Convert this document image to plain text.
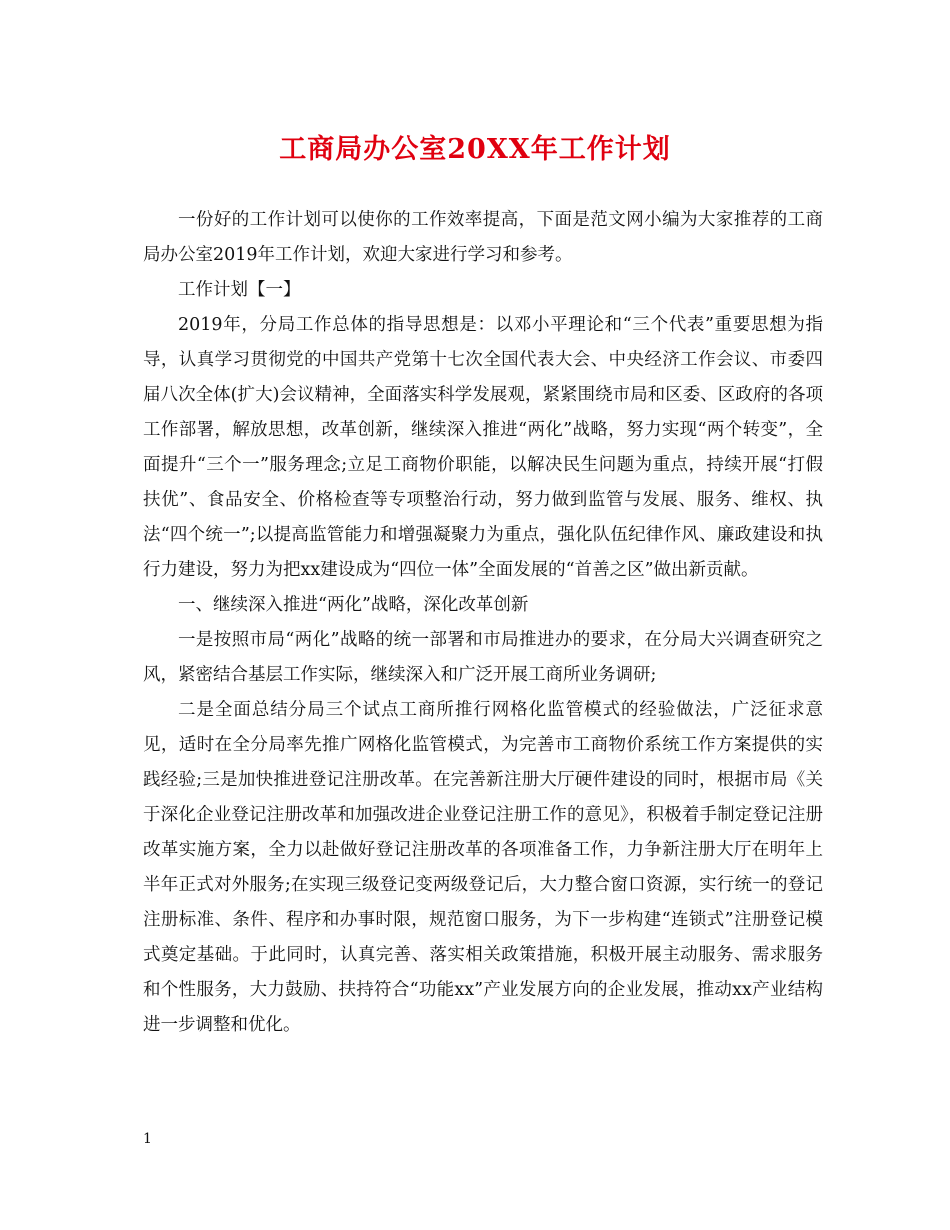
工商局办公室20XX年工作计划

一份好的工作计划可以使你的工作效率提高，下面是范文网小编为大家推荐的工商局办公室2019年工作计划，欢迎大家进行学习和参考。

工作计划【一】

2019年，分局工作总体的指导思想是：以邓小平理论和“三个代表”重要思想为指导，认真学习贯彻党的中国共产党第十七次全国代表大会、中央经济工作会议、市委四届八次全体(扩大)会议精神，全面落实科学发展观，紧紧围绕市局和区委、区政府的各项工作部署，解放思想，改革创新，继续深入推进“两化”战略，努力实现“两个转变”，全面提升“三个一”服务理念;立足工商物价职能，以解决民生问题为重点，持续开展“打假扶优”、食品安全、价格检查等专项整治行动，努力做到监管与发展、服务、维权、执法“四个统一”;以提高监管能力和增强凝聚力为重点，强化队伍纪律作风、廉政建设和执行力建设，努力为把xx建设成为“四位一体”全面发展的“首善之区”做出新贡献。

一、继续深入推进“两化”战略，深化改革创新

一是按照市局“两化”战略的统一部署和市局推进办的要求，在分局大兴调查研究之风，紧密结合基层工作实际，继续深入和广泛开展工商所业务调研;

二是全面总结分局三个试点工商所推行网格化监管模式的经验做法，广泛征求意见，适时在全分局率先推广网格化监管模式，为完善市工商物价系统工作方案提供的实践经验;三是加快推进登记注册改革。在完善新注册大厅硬件建设的同时，根据市局《关于深化企业登记注册改革和加强改进企业登记注册工作的意见》，积极着手制定登记注册改革实施方案，全力以赴做好登记注册改革的各项准备工作，力争新注册大厅在明年上半年正式对外服务;在实现三级登记变两级登记后，大力整合窗口资源，实行统一的登记注册标准、条件、程序和办事时限，规范窗口服务，为下一步构建“连锁式”注册登记模式奠定基础。于此同时，认真完善、落实相关政策措施，积极开展主动服务、需求服务和个性服务，大力鼓励、扶持符合“功能xx”产业发展方向的企业发展，推动xx产业结构进一步调整和优化。

1
